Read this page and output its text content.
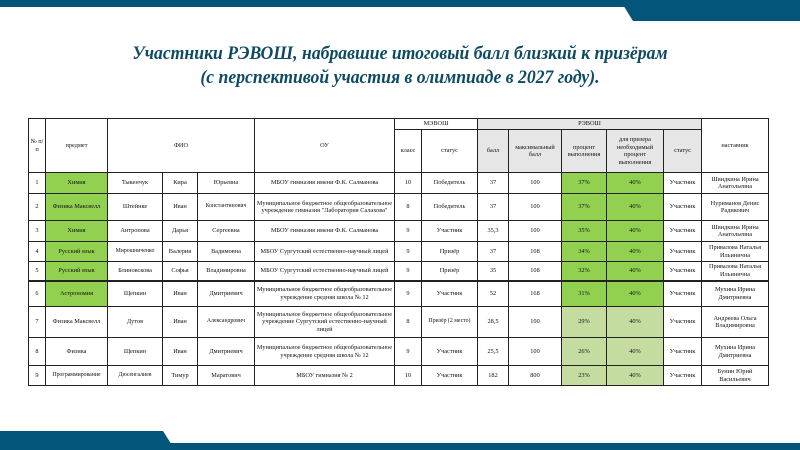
Участники РЭВОШ, набравшие итоговый балл близкий к призёрам
(с перспективой участия в олимпиаде в 2027 году).
№ п/п	предмет	ФИО			ОУ	МЭВОШ		РЭВОШ					наставник
						класс	статус	балл	максимальный балл	процент выполнения	для призера необходимый процент выполнения	статус	
1	Химия	Тыкенчук	Кира	Юрьевна	МБОУ гимназия имени Ф.К. Салманова	10	Победитель	37	100	37%	40%	Участник	Швидкина Ирина Анатольевна
2	Физика Максвелл	Штейнке	Иван	Константинович	Муниципальное бюджетное общеобразовательное учреждение гимназия "Лаборатория Салахова"	8	Победитель	37	100	37%	40%	Участник	Нуриманов Денис Радикович
3	Химия	Антропова	Дарья	Сергеевна	МБОУ гимназия имени Ф.К. Салманова	9	Участник	35,3	100	35%	40%	Участник	Швидкина Ирина Анатольевна
4	Русский язык	Мирошниченко	Валерия	Вадимовна	МБОУ Сургутский естественно-научный лицей	9	Призёр	37	108	34%	40%	Участник	Привалова Наталья Ильинична
5	Русский язык	Блиновскова	Софья	Владимировна	МБОУ Сургутский естественно-научный лицей	9	Призёр	35	108	32%	40%	Участник	Привалова Наталья Ильинична
6	Астрономия	Щепкин	Иван	Дмитриевич	Муниципальное бюджетное общеобразовательное учреждение средняя школа № 12	9	Участник	52	168	31%	40%	Участник	Мухина Ирина Дмитриевна
7	Физика Максвелл	Дутов	Иван	Александрович	Муниципальное бюджетное общеобразовательное учреждение Сургутский естественно-научный лицей	8	Призёр (2 место)	28,5	100	29%	40%	Участник	Андреева Ольга Владимировна
8	Физика	Щепкин	Иван	Дмитриевич	Муниципальное бюджетное общеобразовательное учреждение средняя школа № 12	9	Участник	25,5	100	26%	40%	Участник	Мухина Ирина Дмитриевна
9	Программирование	Дюсенгалиев	Тимур	Маратович	МБОУ гимназия № 2	10	Участник	182	800	23%	40%	Участник	Бунин Юрий Васильевич
